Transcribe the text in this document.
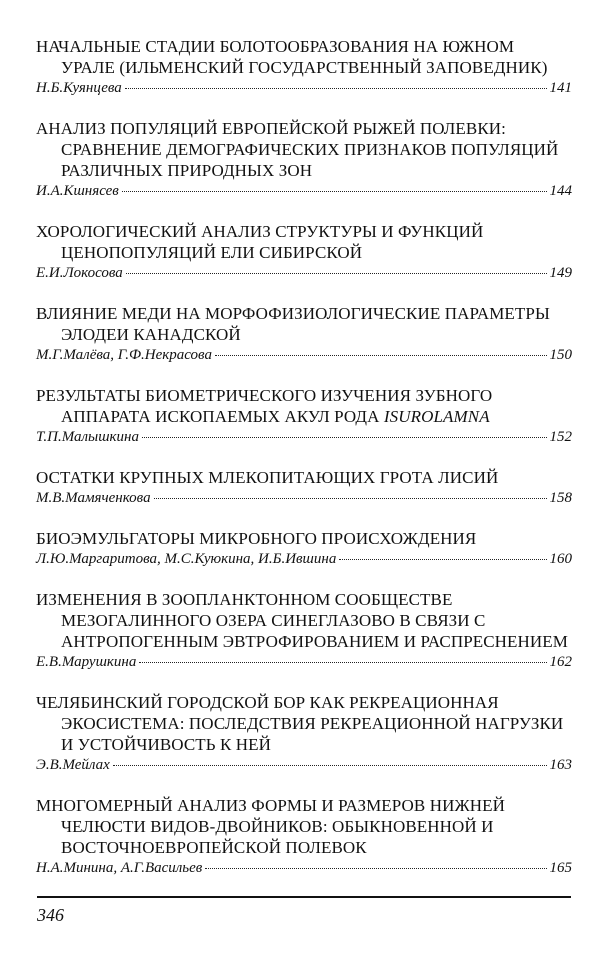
НАЧАЛЬНЫЕ СТАДИИ БОЛОТООБРАЗОВАНИЯ НА ЮЖНОМ УРАЛЕ (ИЛЬМЕНСКИЙ ГОСУДАРСТВЕННЫЙ ЗАПОВЕДНИК)
Н.Б.Куянцева	141
АНАЛИЗ ПОПУЛЯЦИЙ ЕВРОПЕЙСКОЙ РЫЖЕЙ ПОЛЕВКИ: СРАВНЕНИЕ ДЕМОГРАФИЧЕСКИХ ПРИЗНАКОВ ПОПУЛЯЦИЙ РАЗЛИЧНЫХ ПРИРОДНЫХ ЗОН
И.А.Кшнясев	144
ХОРОЛОГИЧЕСКИЙ АНАЛИЗ СТРУКТУРЫ И ФУНКЦИЙ ЦЕНОПОПУЛЯЦИЙ ЕЛИ СИБИРСКОЙ
Е.И.Локосова	149
ВЛИЯНИЕ МЕДИ НА МОРФОФИЗИОЛОГИЧЕСКИЕ ПАРАМЕТРЫ ЭЛОДЕИ КАНАДСКОЙ
М.Г.Малёва, Г.Ф.Некрасова	150
РЕЗУЛЬТАТЫ БИОМЕТРИЧЕСКОГО ИЗУЧЕНИЯ ЗУБНОГО АППАРАТА ИСКОПАЕМЫХ АКУЛ РОДА ISUROLAMNA
Т.П.Малышкина	152
ОСТАТКИ КРУПНЫХ МЛЕКОПИТАЮЩИХ ГРОТА ЛИСИЙ
М.В.Мамяченкова	158
БИОЭМУЛЬГАТОРЫ МИКРОБНОГО ПРОИСХОЖДЕНИЯ
Л.Ю.Маргаритова, М.С.Куюкина, И.Б.Ившина	160
ИЗМЕНЕНИЯ В ЗООПЛАНКТОННОМ СООБЩЕСТВЕ МЕЗОГАЛИННОГО ОЗЕРА СИНЕГЛАЗОВО В СВЯЗИ С АНТРОПОГЕННЫМ ЭВТРОФИРОВАНИЕМ И РАСПРЕСНЕНИЕМ
Е.В.Марушкина	162
ЧЕЛЯБИНСКИЙ ГОРОДСКОЙ БОР КАК РЕКРЕАЦИОННАЯ ЭКОСИСТЕМА: ПОСЛЕДСТВИЯ РЕКРЕАЦИОННОЙ НАГРУЗКИ И УСТОЙЧИВОСТЬ К НЕЙ
Э.В.Мейлах	163
МНОГОМЕРНЫЙ АНАЛИЗ ФОРМЫ И РАЗМЕРОВ НИЖНЕЙ ЧЕЛЮСТИ ВИДОВ-ДВОЙНИКОВ: ОБЫКНОВЕННОЙ И ВОСТОЧНОЕВРОПЕЙСКОЙ ПОЛЕВОК
Н.А.Минина, А.Г.Васильев	165
346
